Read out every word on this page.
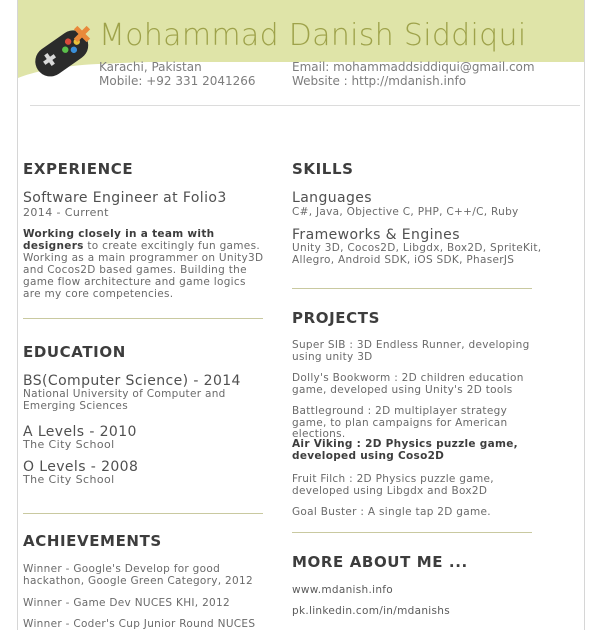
Mohammad Danish Siddiqui
Karachi, Pakistan
Mobile: +92 331 2041266
Email: mohammaddsiddiqui@gmail.com
Website : http://mdanish.info
EXPERIENCE
Software Engineer at Folio3
2014 - Current
Working closely in a team with designers to create excitingly fun games. Working as a main programmer on Unity3D and Cocos2D based games. Building the game flow architecture and game logics are my core competencies.
EDUCATION
BS(Computer Science) - 2014
National University of Computer and Emerging Sciences
A Levels - 2010
The City School
O Levels - 2008
The City School
ACHIEVEMENTS
Winner - Google's Develop for good hackathon, Google Green Category, 2012
Winner - Game Dev NUCES KHI, 2012
Winner - Coder's Cup Junior Round NUCES
SKILLS
Languages
C#, Java, Objective C, PHP, C++/C, Ruby
Frameworks & Engines
Unity 3D, Cocos2D, Libgdx, Box2D, SpriteKit, Allegro, Android SDK, iOS SDK, PhaserJS
PROJECTS
Super SIB : 3D Endless Runner, developing using unity 3D
Dolly's Bookworm : 2D children education game, developed using Unity's 2D tools
Battleground : 2D multiplayer strategy game, to plan campaigns for American elections.
Air Viking : 2D Physics puzzle game, developed using Coso2D
Fruit Filch : 2D Physics puzzle game, developed using Libgdx and Box2D
Goal Buster : A single tap 2D game.
MORE ABOUT ME ...
www.mdanish.info
pk.linkedin.com/in/mdanishs
